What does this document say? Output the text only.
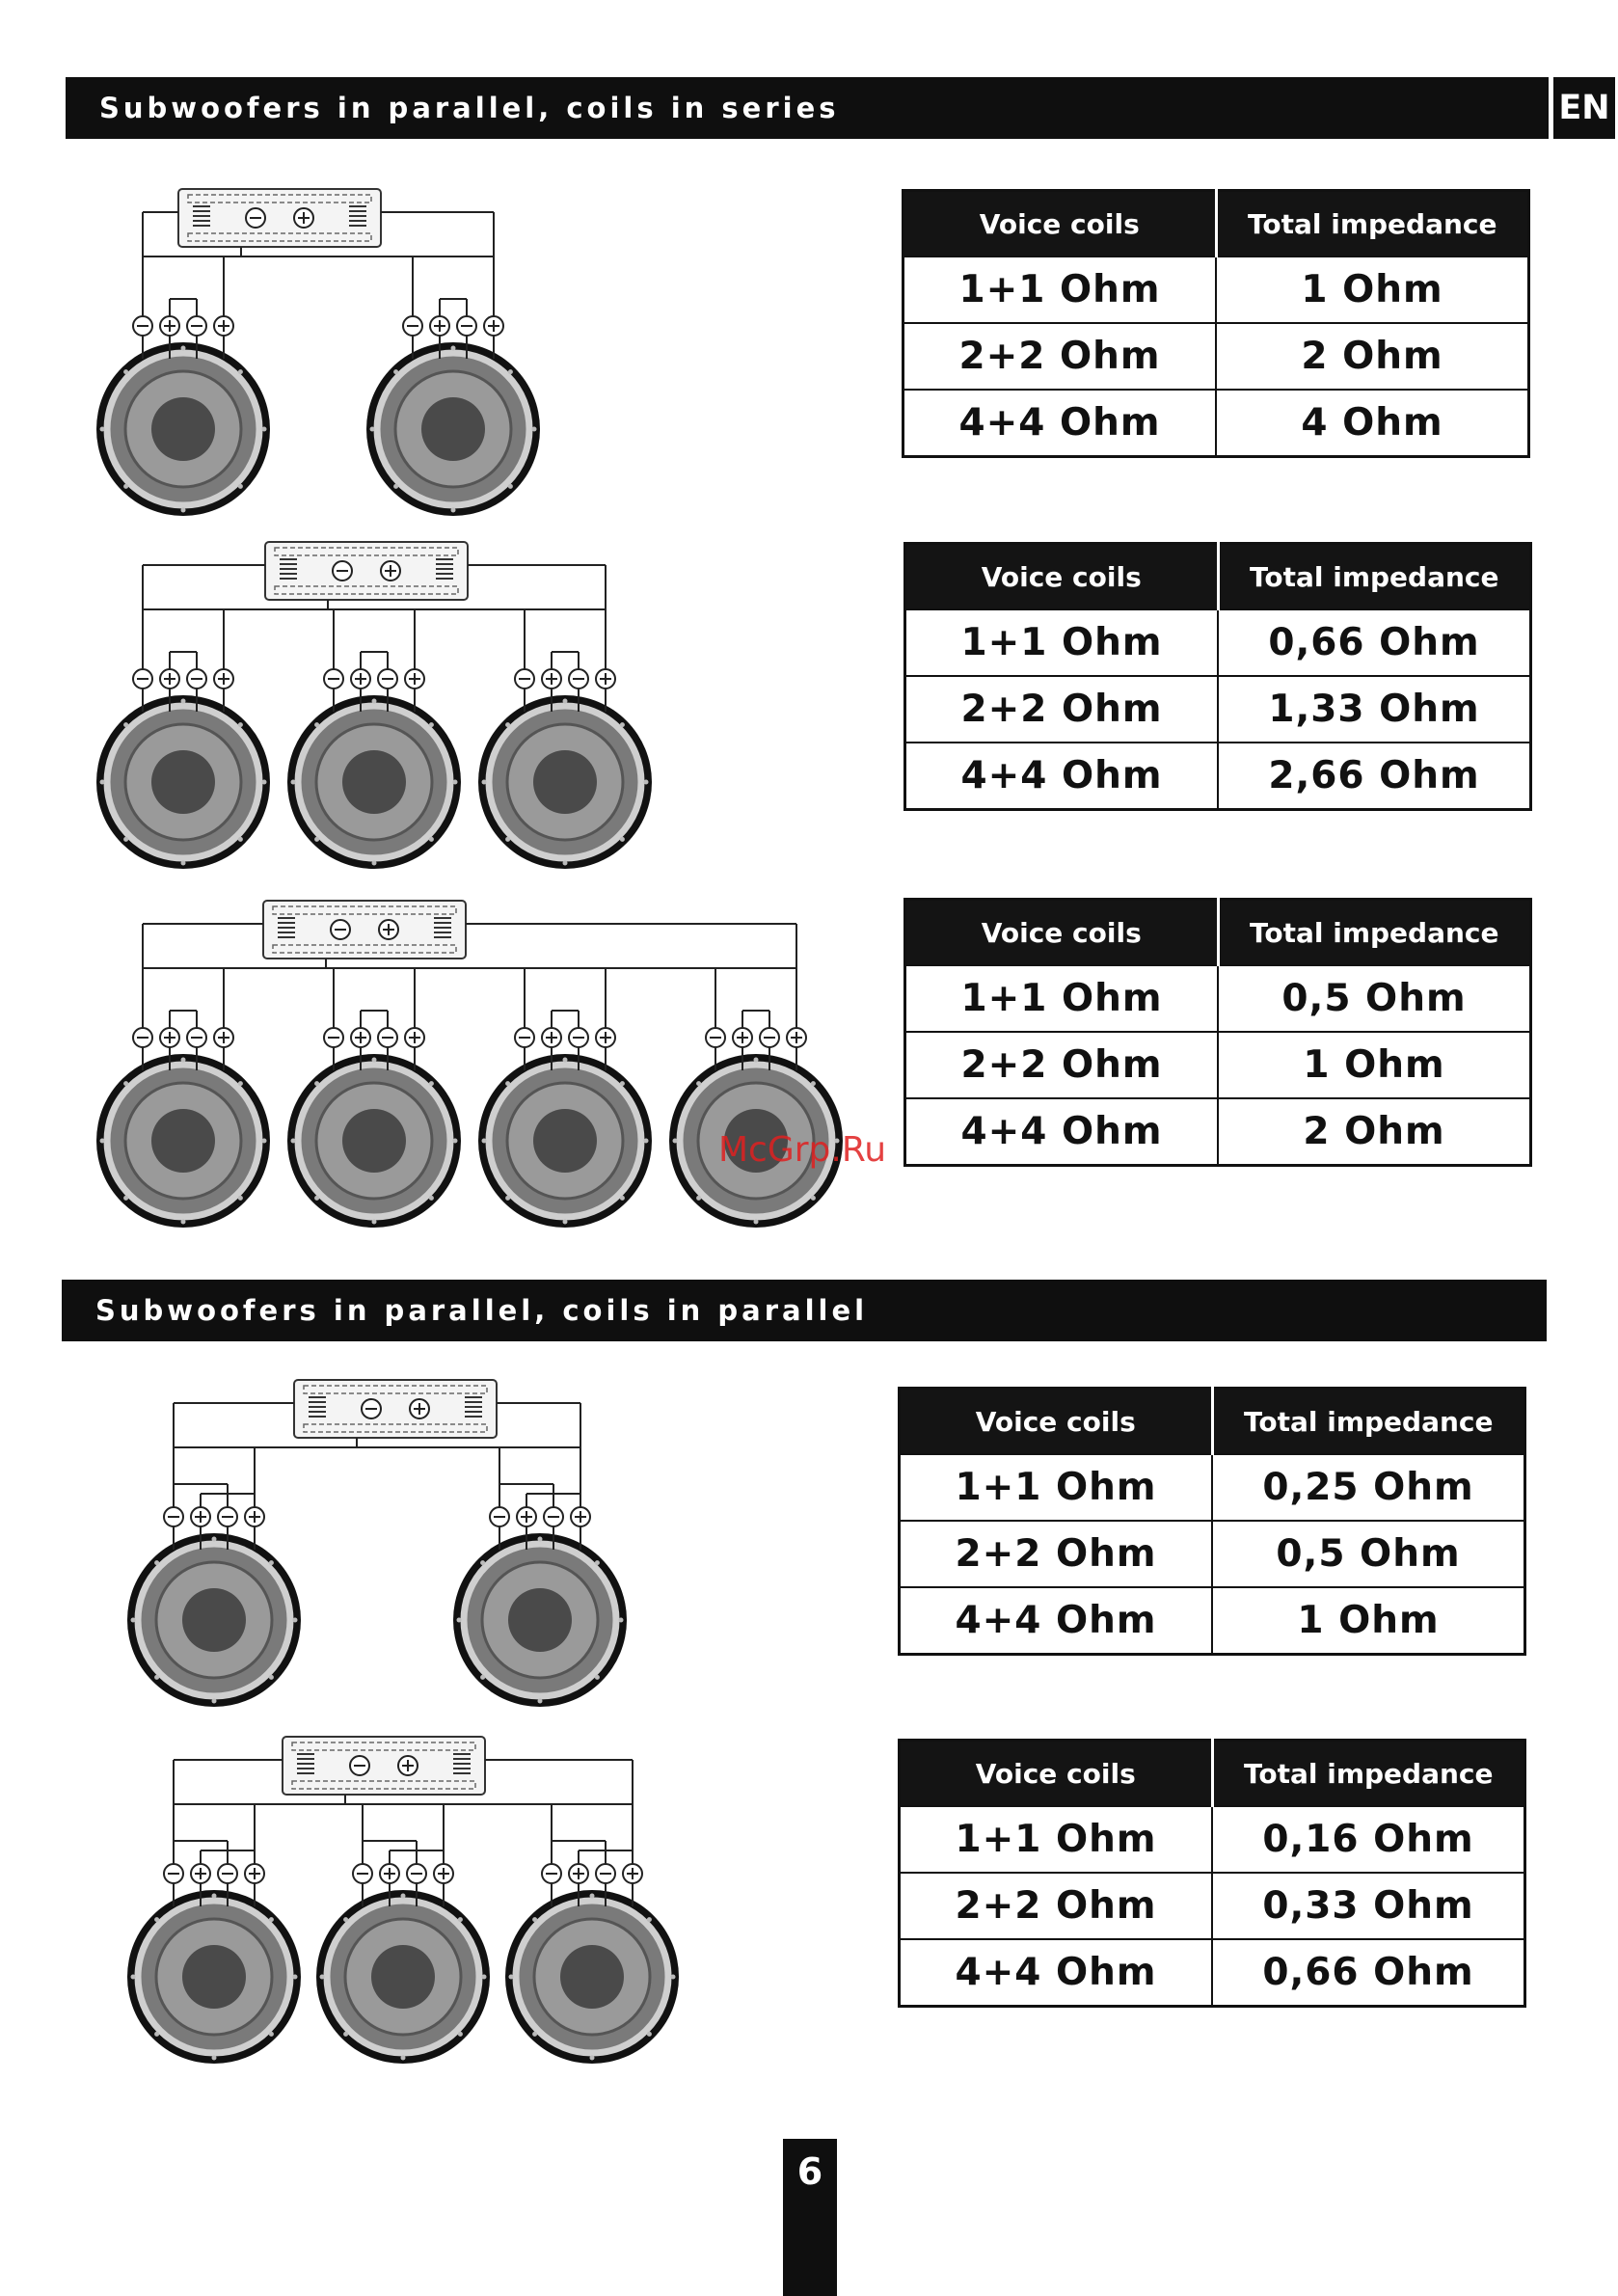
Subwoofers in parallel, coils in series	EN
Voice coils	Total impedance
1+1 Ohm	1 Ohm
2+2 Ohm	2 Ohm
4+4 Ohm	4 Ohm
Voice coils	Total impedance
1+1 Ohm	0,66 Ohm
2+2 Ohm	1,33 Ohm
4+4 Ohm	2,66 Ohm
Voice coils	Total impedance
1+1 Ohm	0,5 Ohm
2+2 Ohm	1 Ohm
4+4 Ohm	2 Ohm
Subwoofers in parallel, coils in parallel
Voice coils	Total impedance
1+1 Ohm	0,25 Ohm
2+2 Ohm	0,5 Ohm
4+4 Ohm	1 Ohm
Voice coils	Total impedance
1+1 Ohm	0,16 Ohm
2+2 Ohm	0,33 Ohm
4+4 Ohm	0,66 Ohm
McGrp.Ru
6
